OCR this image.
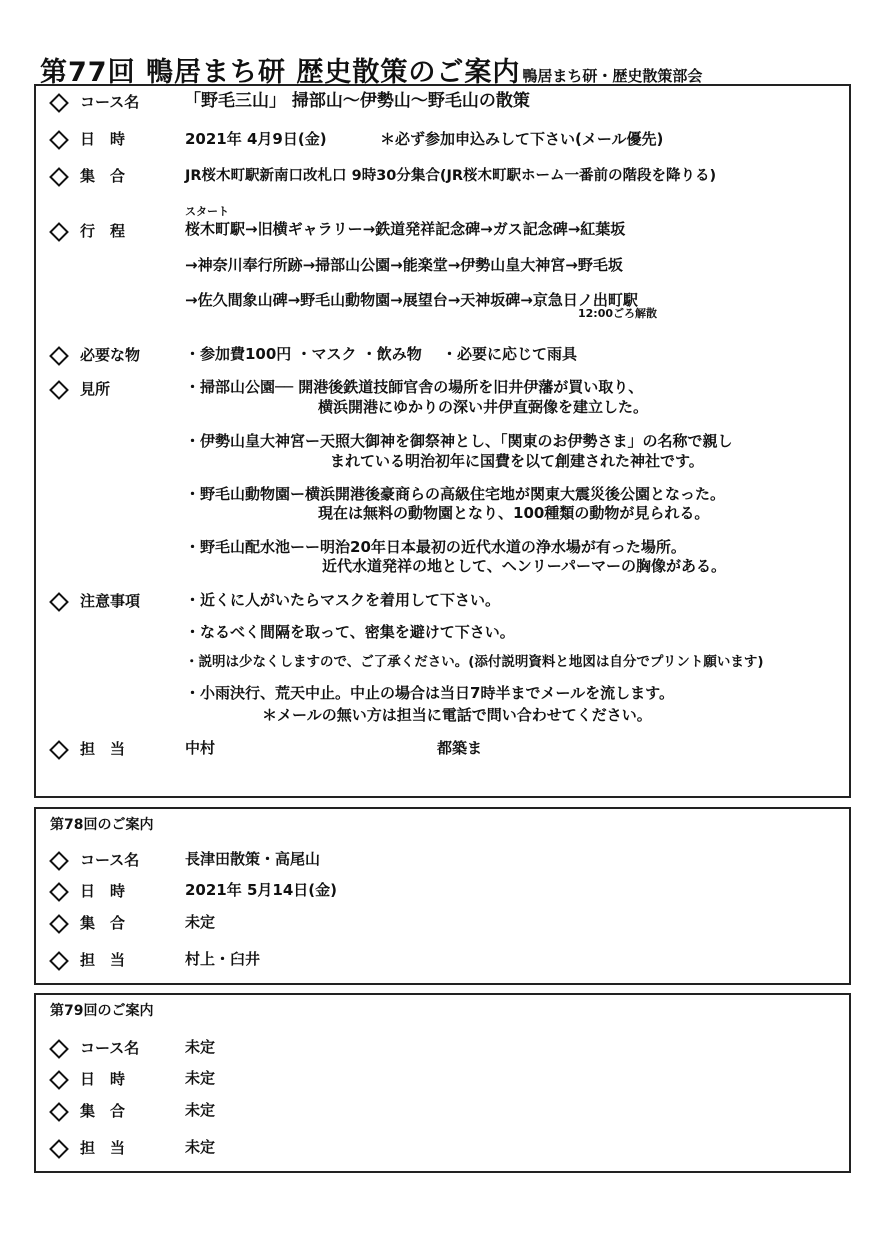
第77回 鴨居まち研 歴史散策のご案内 鴨居まち研・歴史散策部会
コース名	「野毛三山」 掃部山～伊勢山～野毛山の散策
日　時	2021年 4月9日(金)	＊必ず参加申込みして下さい(メール優先)
集　合	JR桜木町駅新南口改札口 9時30分集合(JR桜木町駅ホーム一番前の階段を降りる)
スタート
行　程	桜木町駅→旧横ギャラリー→鉄道発祥記念碑→ガス記念碑→紅葉坂
→神奈川奉行所跡→掃部山公園→能楽堂→伊勢山皇大神宮→野毛坂
→佐久間象山碑→野毛山動物園→展望台→天神坂碑→京急日ノ出町駅
12:00ごろ解散
必要な物	・参加費100円 ・マスク ・飲み物　 ・必要に応じて雨具
見所	・掃部山公園── 開港後鉄道技師官舎の場所を旧井伊藩が買い取り、
横浜開港にゆかりの深い井伊直弼像を建立した。
・伊勢山皇大神宮ー天照大御神を御祭神とし、「関東のお伊勢さま」の名称で親し
まれている明治初年に国費を以て創建された神社です。
・野毛山動物園ー横浜開港後豪商らの高級住宅地が関東大震災後公園となった。
現在は無料の動物園となり、100種類の動物が見られる。
・野毛山配水池ーー明治20年日本最初の近代水道の浄水場が有った場所。
近代水道発祥の地として、ヘンリーパーマーの胸像がある。
注意事項	・近くに人がいたらマスクを着用して下さい。
・なるべく間隔を取って、密集を避けて下さい。
・説明は少なくしますので、ご了承ください。(添付説明資料と地図は自分でプリント願います)
・小雨決行、荒天中止。中止の場合は当日7時半までメールを流します。
＊メールの無い方は担当に電話で問い合わせてください。
担　当	中村	都築ま
第78回のご案内
コース名	長津田散策・高尾山
日　時	2021年 5月14日(金)
集　合	未定
担　当	村上・臼井
第79回のご案内
コース名	未定
日　時	未定
集　合	未定
担　当	未定
